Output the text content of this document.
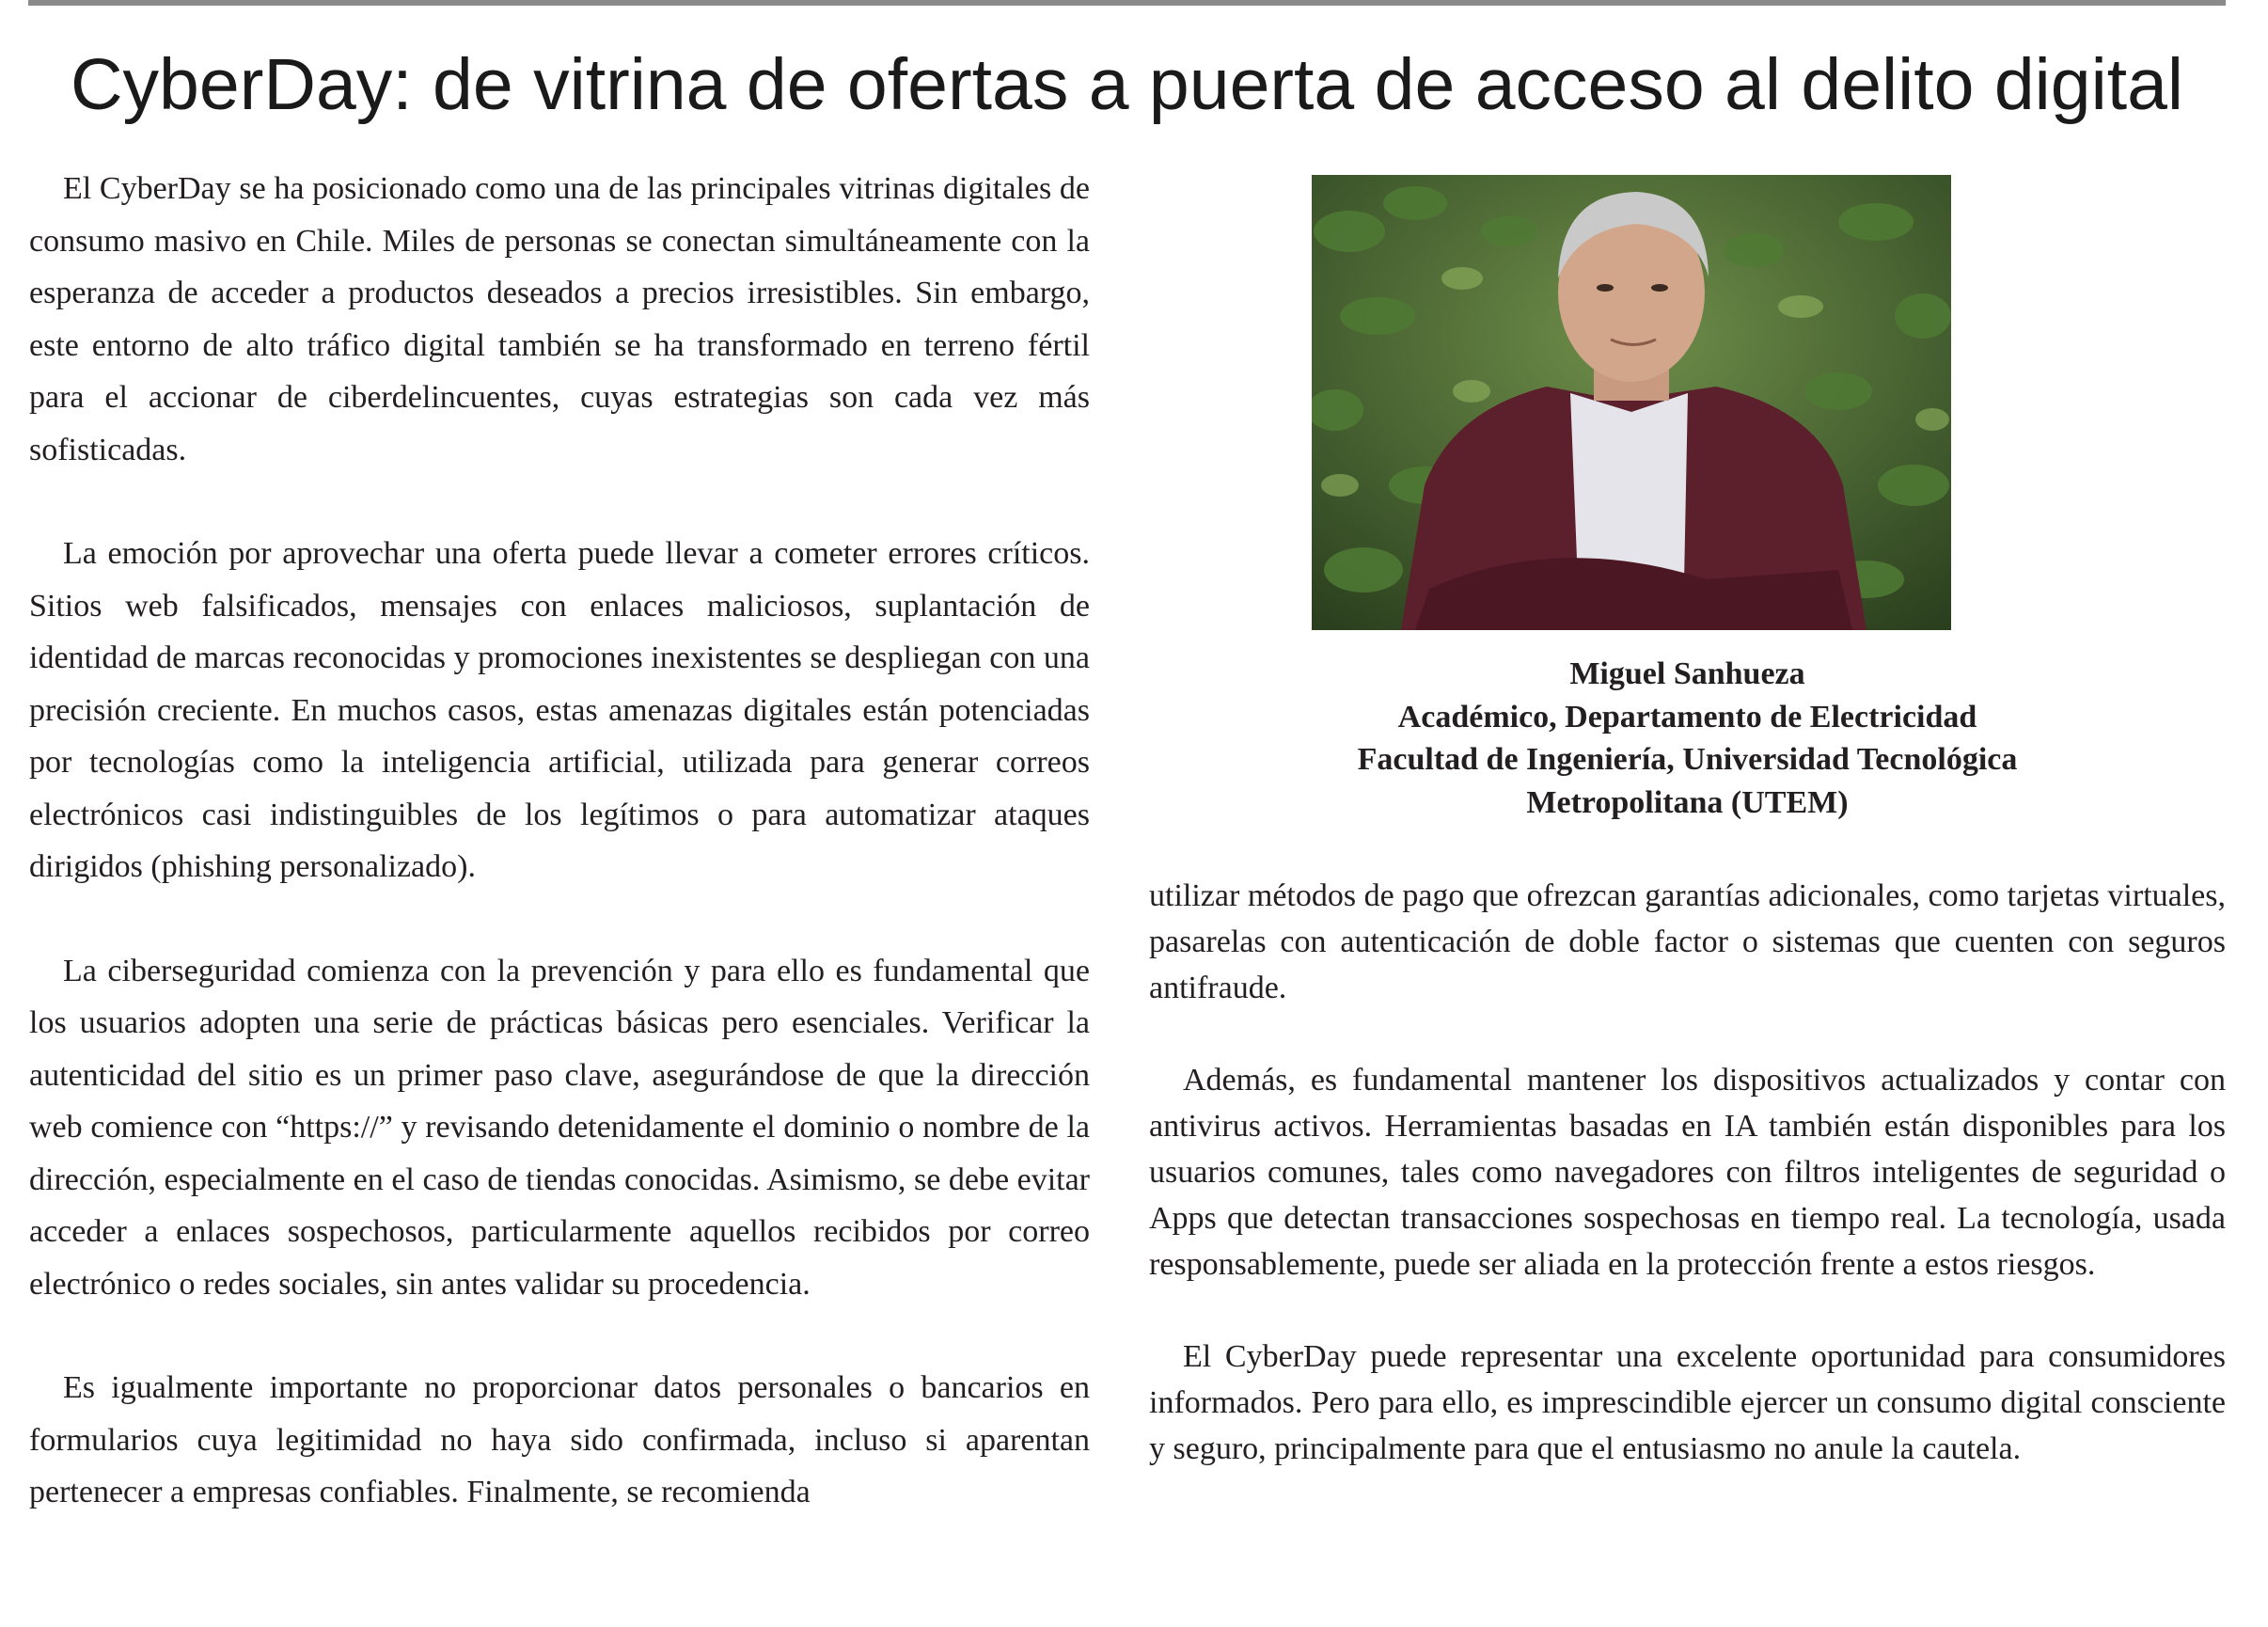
CyberDay: de vitrina de ofertas a puerta de acceso al delito digital

El CyberDay se ha posicionado como una de las principales vitrinas digitales de consumo masivo en Chile. Miles de personas se conectan simultáneamente con la esperanza de acceder a productos deseados a precios irresistibles. Sin embargo, este entorno de alto tráfico digital también se ha transformado en terreno fértil para el accionar de ciberdelincuentes, cuyas estrategias son cada vez más sofisticadas.

La emoción por aprovechar una oferta puede llevar a cometer errores críticos. Sitios web falsificados, mensajes con enlaces maliciosos, suplantación de identidad de marcas reconocidas y promociones inexistentes se despliegan con una precisión creciente. En muchos casos, estas amenazas digitales están potenciadas por tecnologías como la inteligencia artificial, utilizada para generar correos electrónicos casi indistinguibles de los legítimos o para automatizar ataques dirigidos (phishing personalizado).

La ciberseguridad comienza con la prevención y para ello es fundamental que los usuarios adopten una serie de prácticas básicas pero esenciales. Verificar la autenticidad del sitio es un primer paso clave, asegurándose de que la dirección web comience con “https://” y revisando detenidamente el dominio o nombre de la dirección, especialmente en el caso de tiendas conocidas. Asimismo, se debe evitar acceder a enlaces sospechosos, particularmente aquellos recibidos por correo electrónico o redes sociales, sin antes validar su procedencia.

Es igualmente importante no proporcionar datos personales o bancarios en formularios cuya legitimidad no haya sido confirmada, incluso si aparentan pertenecer a empresas confiables. Finalmente, se recomienda

Miguel Sanhueza
Académico, Departamento de Electricidad
Facultad de Ingeniería, Universidad Tecnológica
Metropolitana (UTEM)

utilizar métodos de pago que ofrezcan garantías adicionales, como tarjetas virtuales, pasarelas con autenticación de doble factor o sistemas que cuenten con seguros antifraude.

Además, es fundamental mantener los dispositivos actualizados y contar con antivirus activos. Herramientas basadas en IA también están disponibles para los usuarios comunes, tales como navegadores con filtros inteligentes de seguridad o Apps que detectan transacciones sospechosas en tiempo real. La tecnología, usada responsablemente, puede ser aliada en la protección frente a estos riesgos.

El CyberDay puede representar una excelente oportunidad para consumidores informados. Pero para ello, es imprescindible ejercer un consumo digital consciente y seguro, principalmente para que el entusiasmo no anule la cautela.
